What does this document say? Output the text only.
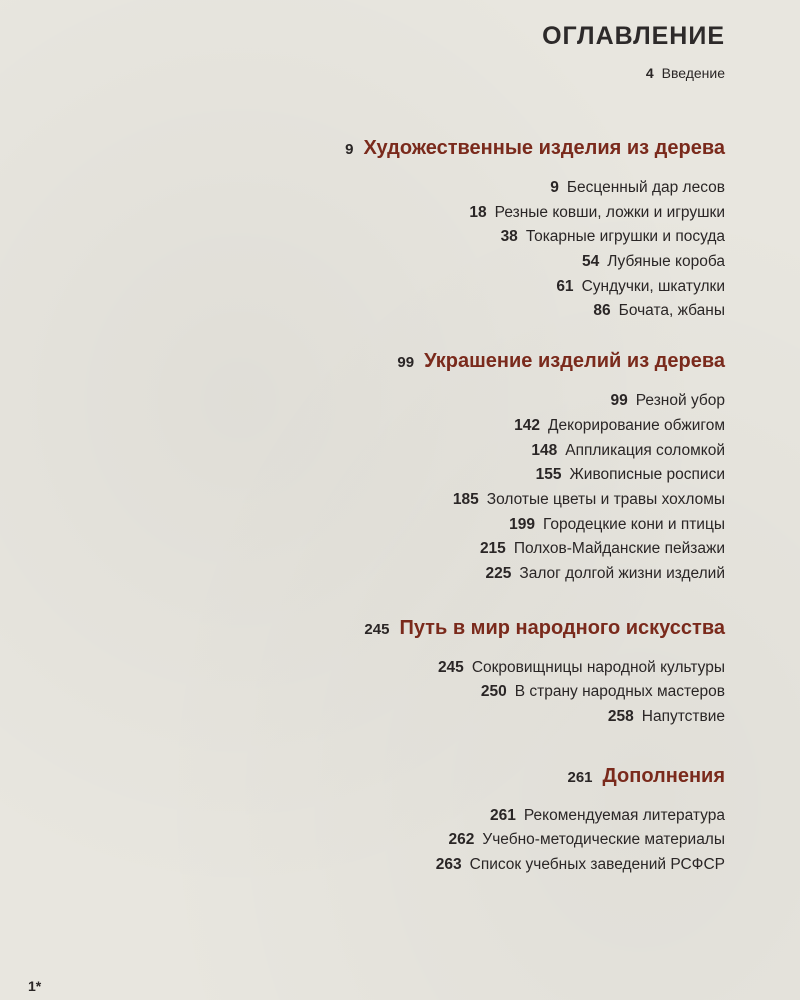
ОГЛАВЛЕНИЕ
4 Введение
9 Художественные изделия из дерева
9 Бесценный дар лесов
18 Резные ковши, ложки и игрушки
38 Токарные игрушки и посуда
54 Лубяные короба
61 Сундучки, шкатулки
86 Бочата, жбаны
99 Украшение изделий из дерева
99 Резной убор
142 Декорирование обжигом
148 Аппликация соломкой
155 Живописные росписи
185 Золотые цветы и травы хохломы
199 Городецкие кони и птицы
215 Полхов-Майданские пейзажи
225 Залог долгой жизни изделий
245 Путь в мир народного искусства
245 Сокровищницы народной культуры
250 В страну народных мастеров
258 Напутствие
261 Дополнения
261 Рекомендуемая литература
262 Учебно-методические материалы
263 Список учебных заведений РСФСР
1*
